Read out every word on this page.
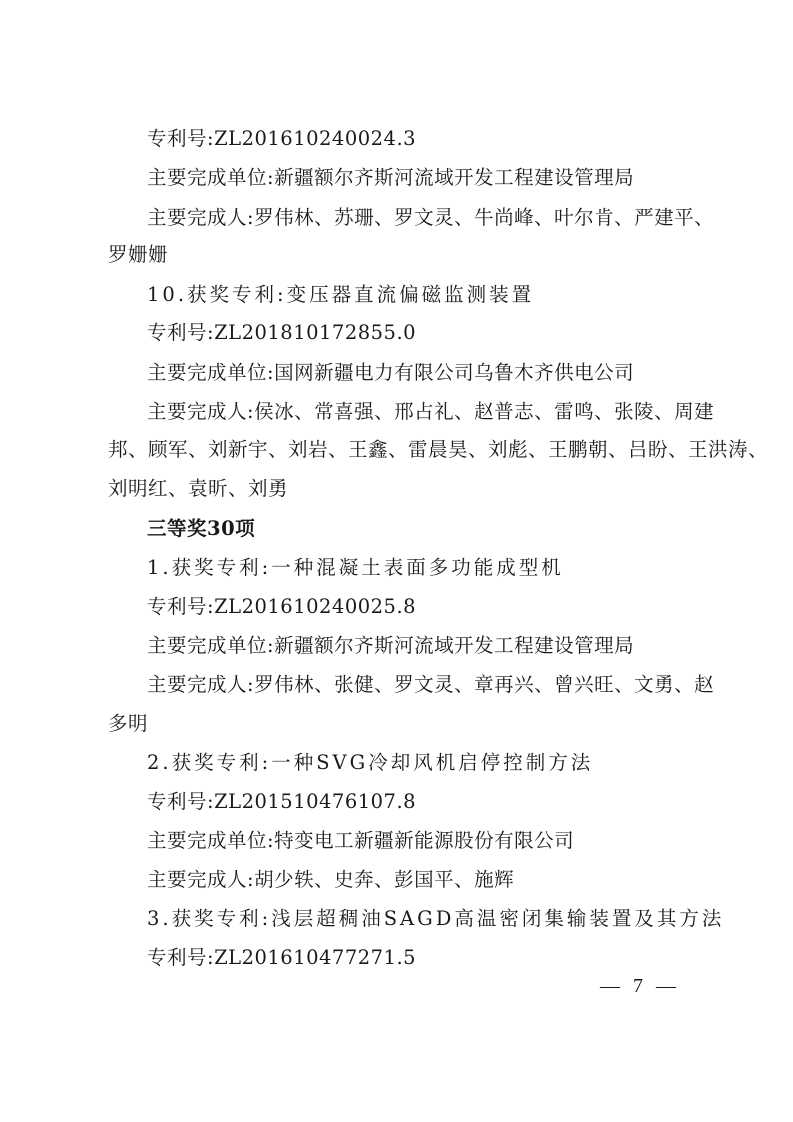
专利号:ZL201610240024.3
主要完成单位:新疆额尔齐斯河流域开发工程建设管理局
主要完成人:罗伟林、苏珊、罗文灵、牛尚峰、叶尔肯、严建平、
罗姗姗
10.获奖专利:变压器直流偏磁监测装置
专利号:ZL201810172855.0
主要完成单位:国网新疆电力有限公司乌鲁木齐供电公司
主要完成人:侯冰、常喜强、邢占礼、赵普志、雷鸣、张陵、周建
邦、顾军、刘新宇、刘岩、王鑫、雷晨昊、刘彪、王鹏朝、吕盼、王洪涛、
刘明红、袁昕、刘勇
三等奖30项
1.获奖专利:一种混凝土表面多功能成型机
专利号:ZL201610240025.8
主要完成单位:新疆额尔齐斯河流域开发工程建设管理局
主要完成人:罗伟林、张健、罗文灵、章再兴、曾兴旺、文勇、赵
多明
2.获奖专利:一种SVG冷却风机启停控制方法
专利号:ZL201510476107.8
主要完成单位:特变电工新疆新能源股份有限公司
主要完成人:胡少轶、史奔、彭国平、施辉
3.获奖专利:浅层超稠油SAGD高温密闭集输装置及其方法
专利号:ZL201610477271.5
— 7 —
